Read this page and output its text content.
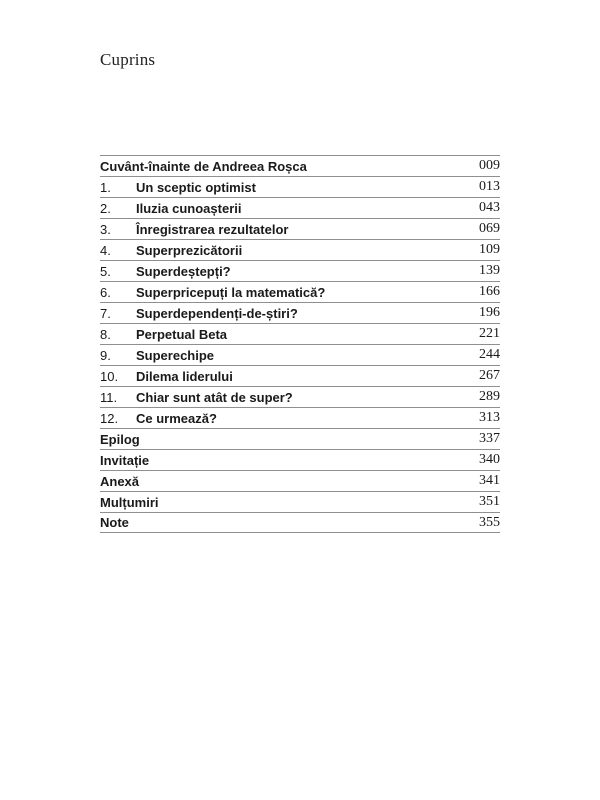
Cuprins
Cuvânt-înainte de Andreea Roșca	009
1.	Un sceptic optimist	013
2.	Iluzia cunoașterii	043
3.	Înregistrarea rezultatelor	069
4.	Superprezicătorii	109
5.	Superdeștepți?	139
6.	Superpricepuți la matematică?	166
7.	Superdependenți-de-știri?	196
8.	Perpetual Beta	221
9.	Superechipe	244
10.	Dilema liderului	267
11.	Chiar sunt atât de super?	289
12.	Ce urmează?	313
Epilog	337
Invitație	340
Anexă	341
Mulțumiri	351
Note	355
